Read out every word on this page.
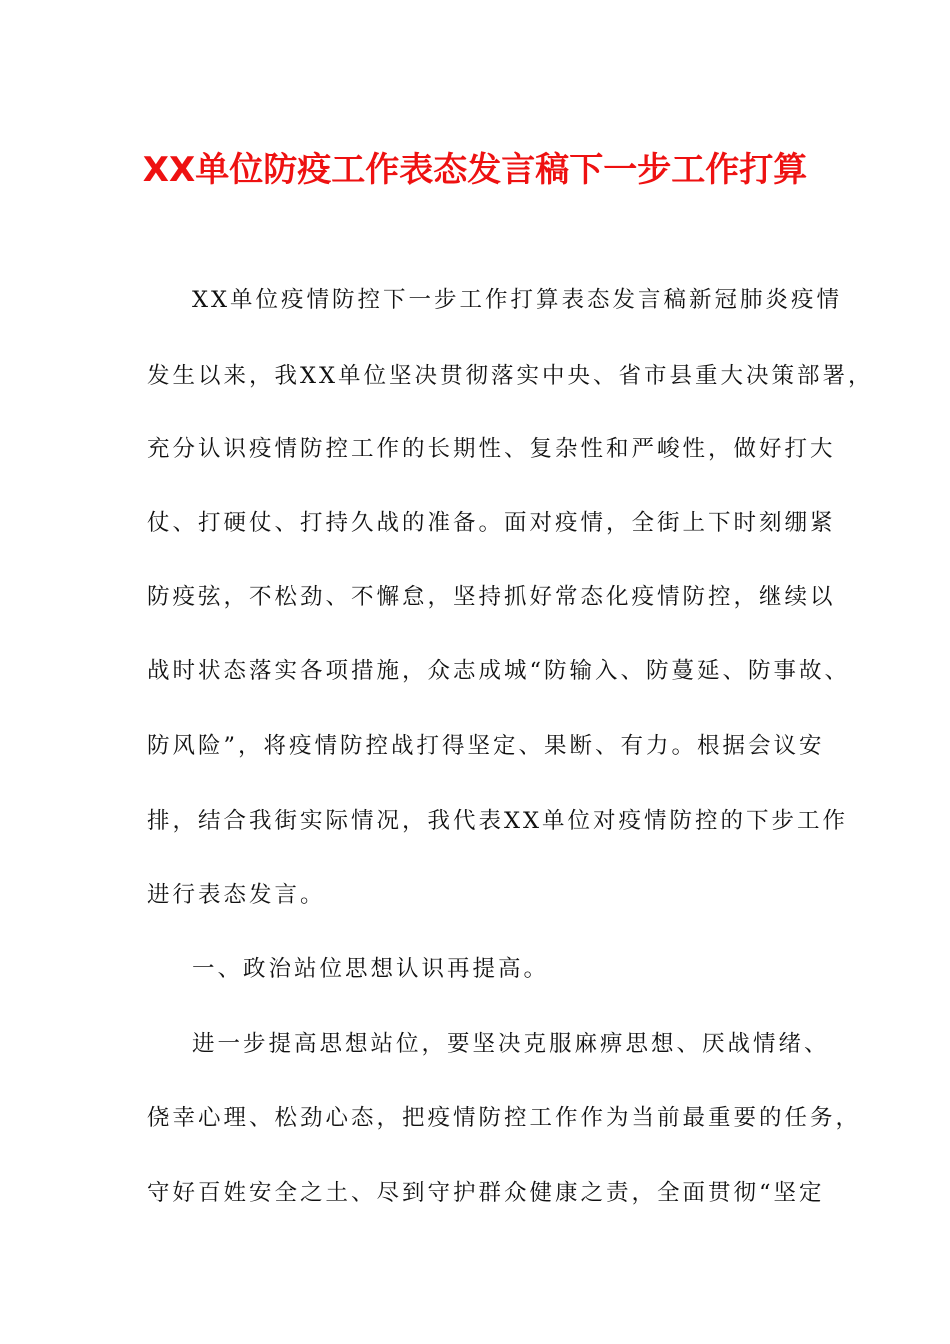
XX单位防疫工作表态发言稿下一步工作打算
XX单位疫情防控下一步工作打算表态发言稿新冠肺炎疫情
发生以来，我XX单位坚决贯彻落实中央、省市县重大决策部署，
充分认识疫情防控工作的长期性、复杂性和严峻性，做好打大
仗、打硬仗、打持久战的准备。面对疫情，全街上下时刻绷紧
防疫弦，不松劲、不懈怠，坚持抓好常态化疫情防控，继续以
战时状态落实各项措施，众志成城“防输入、防蔓延、防事故、
防风险”，将疫情防控战打得坚定、果断、有力。根据会议安
排，结合我街实际情况，我代表XX单位对疫情防控的下步工作
进行表态发言。
一、政治站位思想认识再提高。
进一步提高思想站位，要坚决克服麻痹思想、厌战情绪、
侥幸心理、松劲心态，把疫情防控工作作为当前最重要的任务，
守好百姓安全之土、尽到守护群众健康之责，全面贯彻“坚定
